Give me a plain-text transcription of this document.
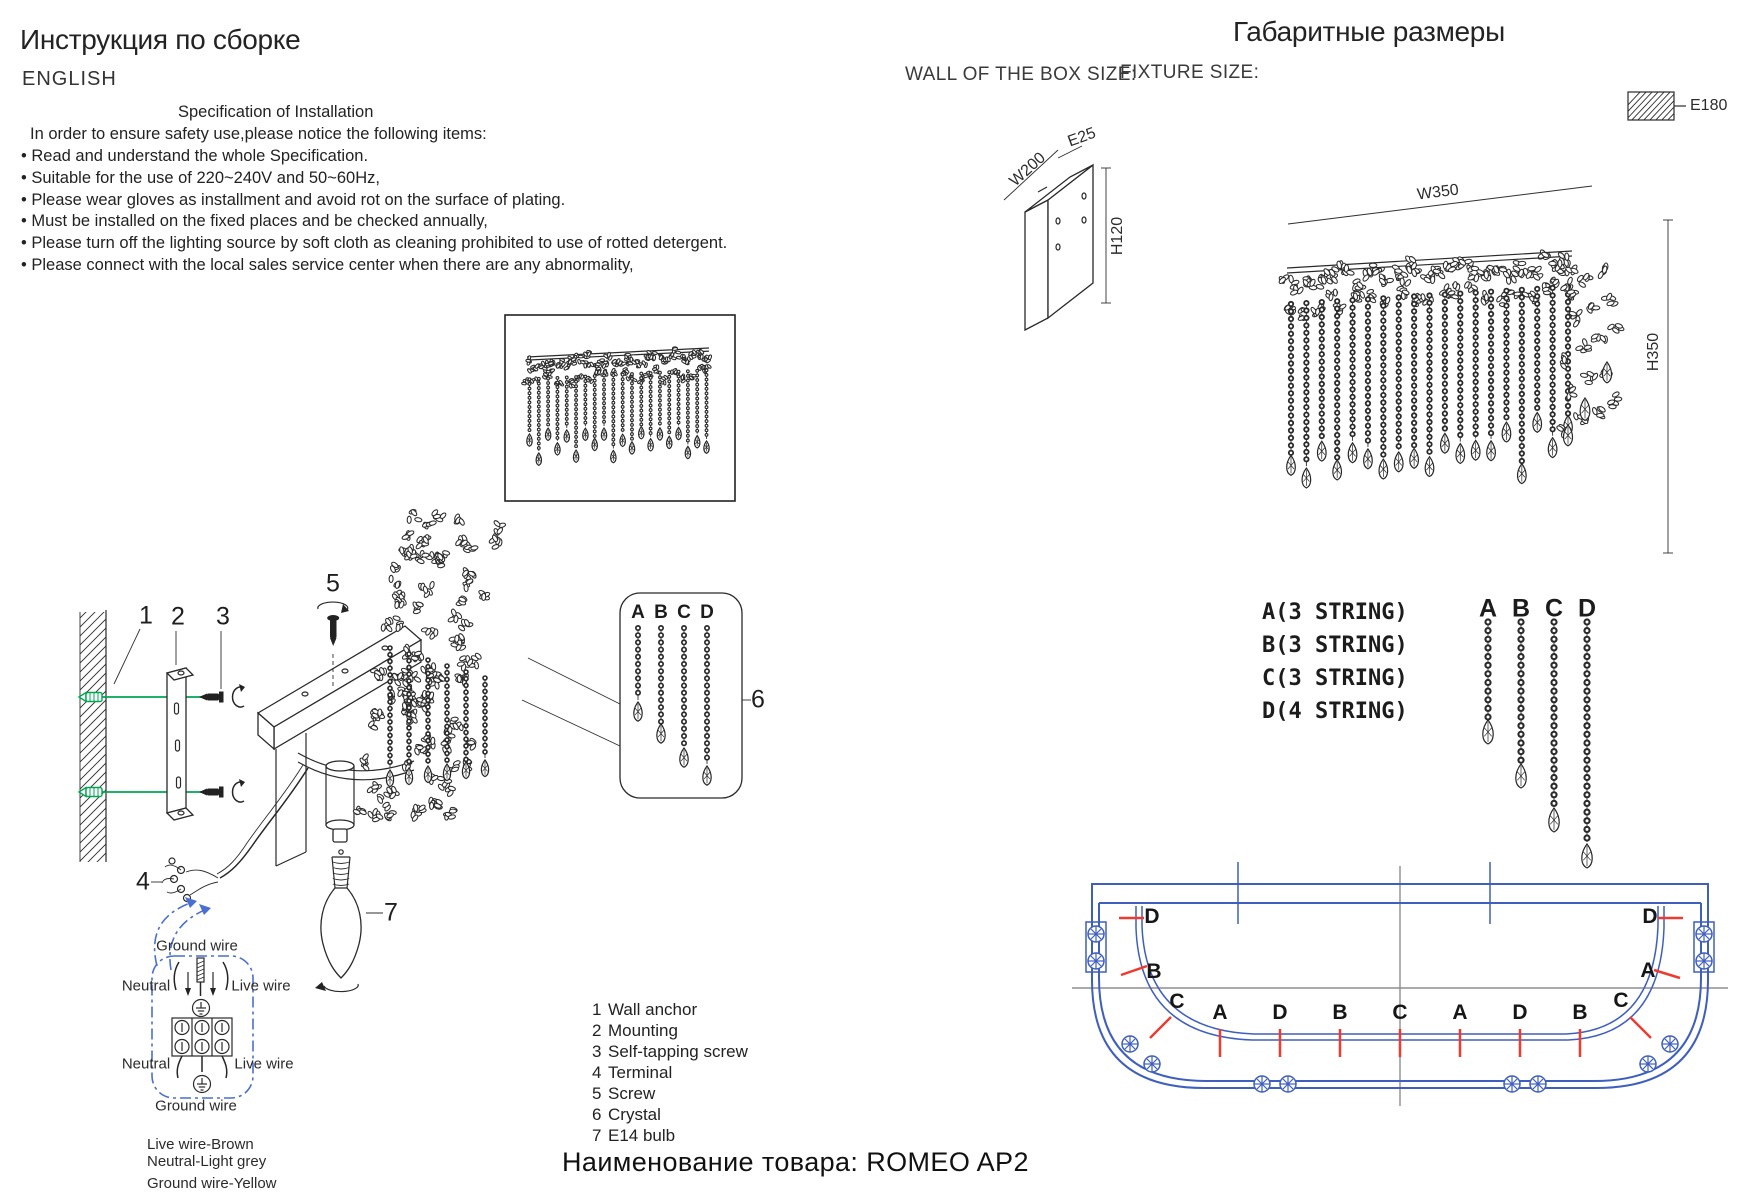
Инструкция по сборке
ENGLISH
Габаритные размеры
Specification of Installation
In order to ensure safety use,please notice the following items:
• Read and understand the whole Specification.
• Suitable for the use of 220~240V and 50~60Hz,
• Please wear gloves as installment and avoid rot on the surface of plating.
• Must be installed on the fixed places and be checked annually,
• Please turn off the lighting source by soft cloth as cleaning prohibited to use of rotted detergent.
• Please connect with the local sales service center when there are any abnormality,
WALL OF THE BOX SIZE:
FIXTURE SIZE:
W200
E25
H120
W350
H350
E180
1 2 3
4
5
6
7
1 Wall anchor
2 Mounting
3 Self-tapping screw
4 Terminal
5 Screw
6 Crystal
7 E14 bulb
A(3 STRING)
B(3 STRING)
C(3 STRING)
D(4 STRING)
A B C D	A B C D
D	D
B	A
C	C
A D B C A D B
Ground wire
Neutral	Live wire
Neutral	Live wire
Ground wire
Live wire-Brown
Neutral-Light grey
Ground wire-Yellow
Наименование товара: ROMEO AP2
